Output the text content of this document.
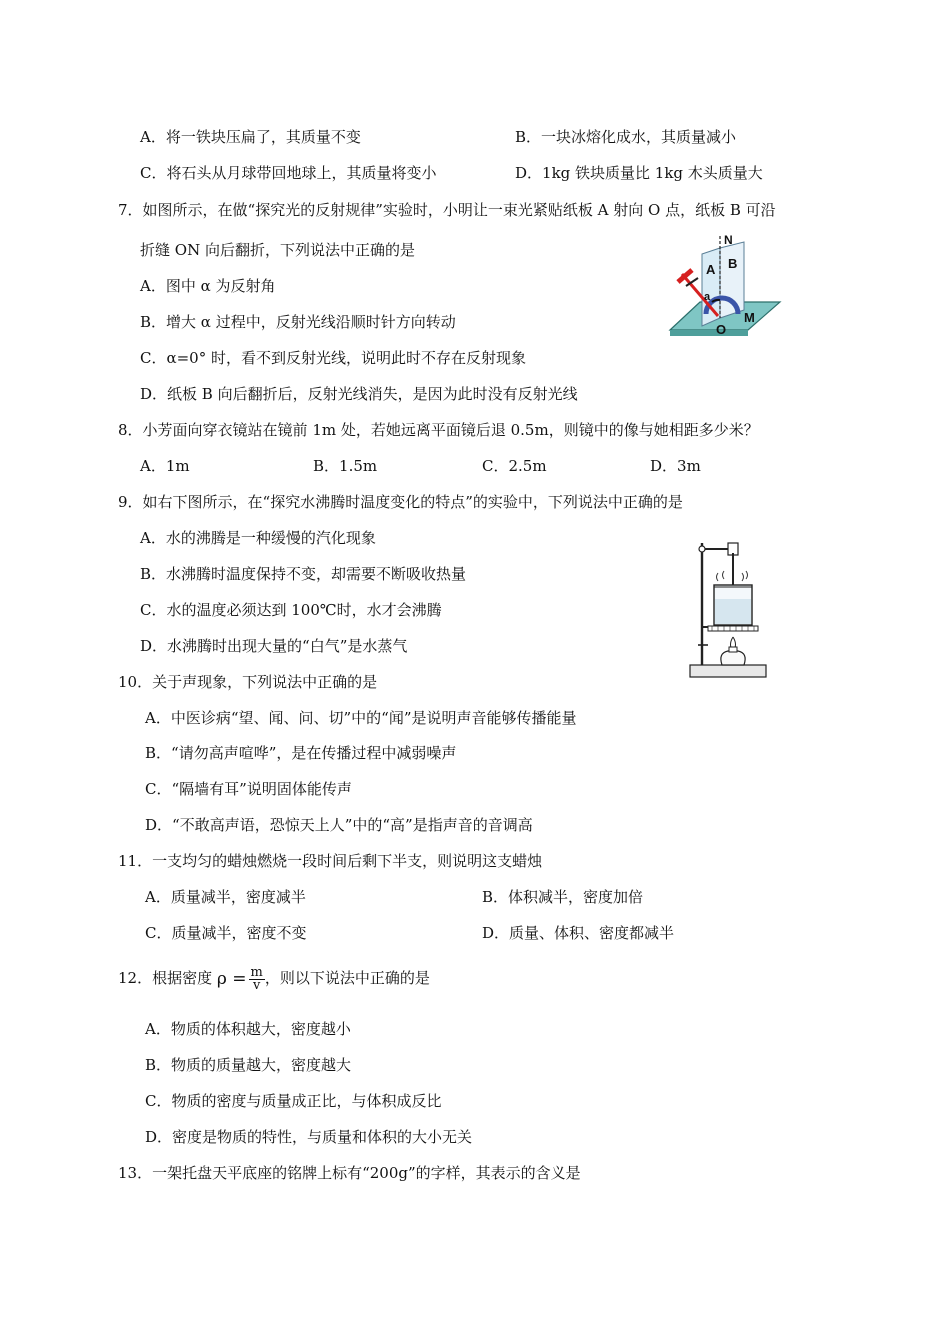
A．将一铁块压扁了，其质量不变	B．一块冰熔化成水，其质量减小
C．将石头从月球带回地球上，其质量将变小	D．1kg 铁块质量比 1kg 木头质量大
7．如图所示，在做“探究光的反射规律”实验时，小明让一束光紧贴纸板 A 射向 O 点，纸板 B 可沿
折缝 ON 向后翻折，下列说法中正确的是
A．图中 α 为反射角
B．增大 α 过程中，反射光线沿顺时针方向转动
C．α=0° 时，看不到反射光线，说明此时不存在反射现象
D．纸板 B 向后翻折后，反射光线消失，是因为此时没有反射光线
a
N
A B
O
M
8．小芳面向穿衣镜站在镜前 1m 处，若她远离平面镜后退 0.5m，则镜中的像与她相距多少米？
A．1m	B．1.5m	C．2.5m	D．3m
9．如右下图所示，在“探究水沸腾时温度变化的特点”的实验中，下列说法中正确的是
A．水的沸腾是一种缓慢的汽化现象
B．水沸腾时温度保持不变，却需要不断吸收热量
C．水的温度必须达到 100℃时，水才会沸腾
D．水沸腾时出现大量的“白气”是水蒸气
10．关于声现象，下列说法中正确的是
A．中医诊病“望、闻、问、切”中的“闻”是说明声音能够传播能量
B．“请勿高声喧哗”，是在传播过程中减弱噪声
C．“隔墙有耳”说明固体能传声
D．“不敢高声语，恐惊天上人”中的“高”是指声音的音调高
11．一支均匀的蜡烛燃烧一段时间后剩下半支，则说明这支蜡烛
A．质量减半，密度减半	B．体积减半，密度加倍
C．质量减半，密度不变	D．质量、体积、密度都减半
12．根据密度 $\rho = \frac{m}{v}$ ，则以下说法中正确的是
A．物质的体积越大，密度越小
B．物质的质量越大，密度越大
C．物质的密度与质量成正比，与体积成反比
D．密度是物质的特性，与质量和体积的大小无关
13．一架托盘天平底座的铭牌上标有“200g”的字样，其表示的含义是
